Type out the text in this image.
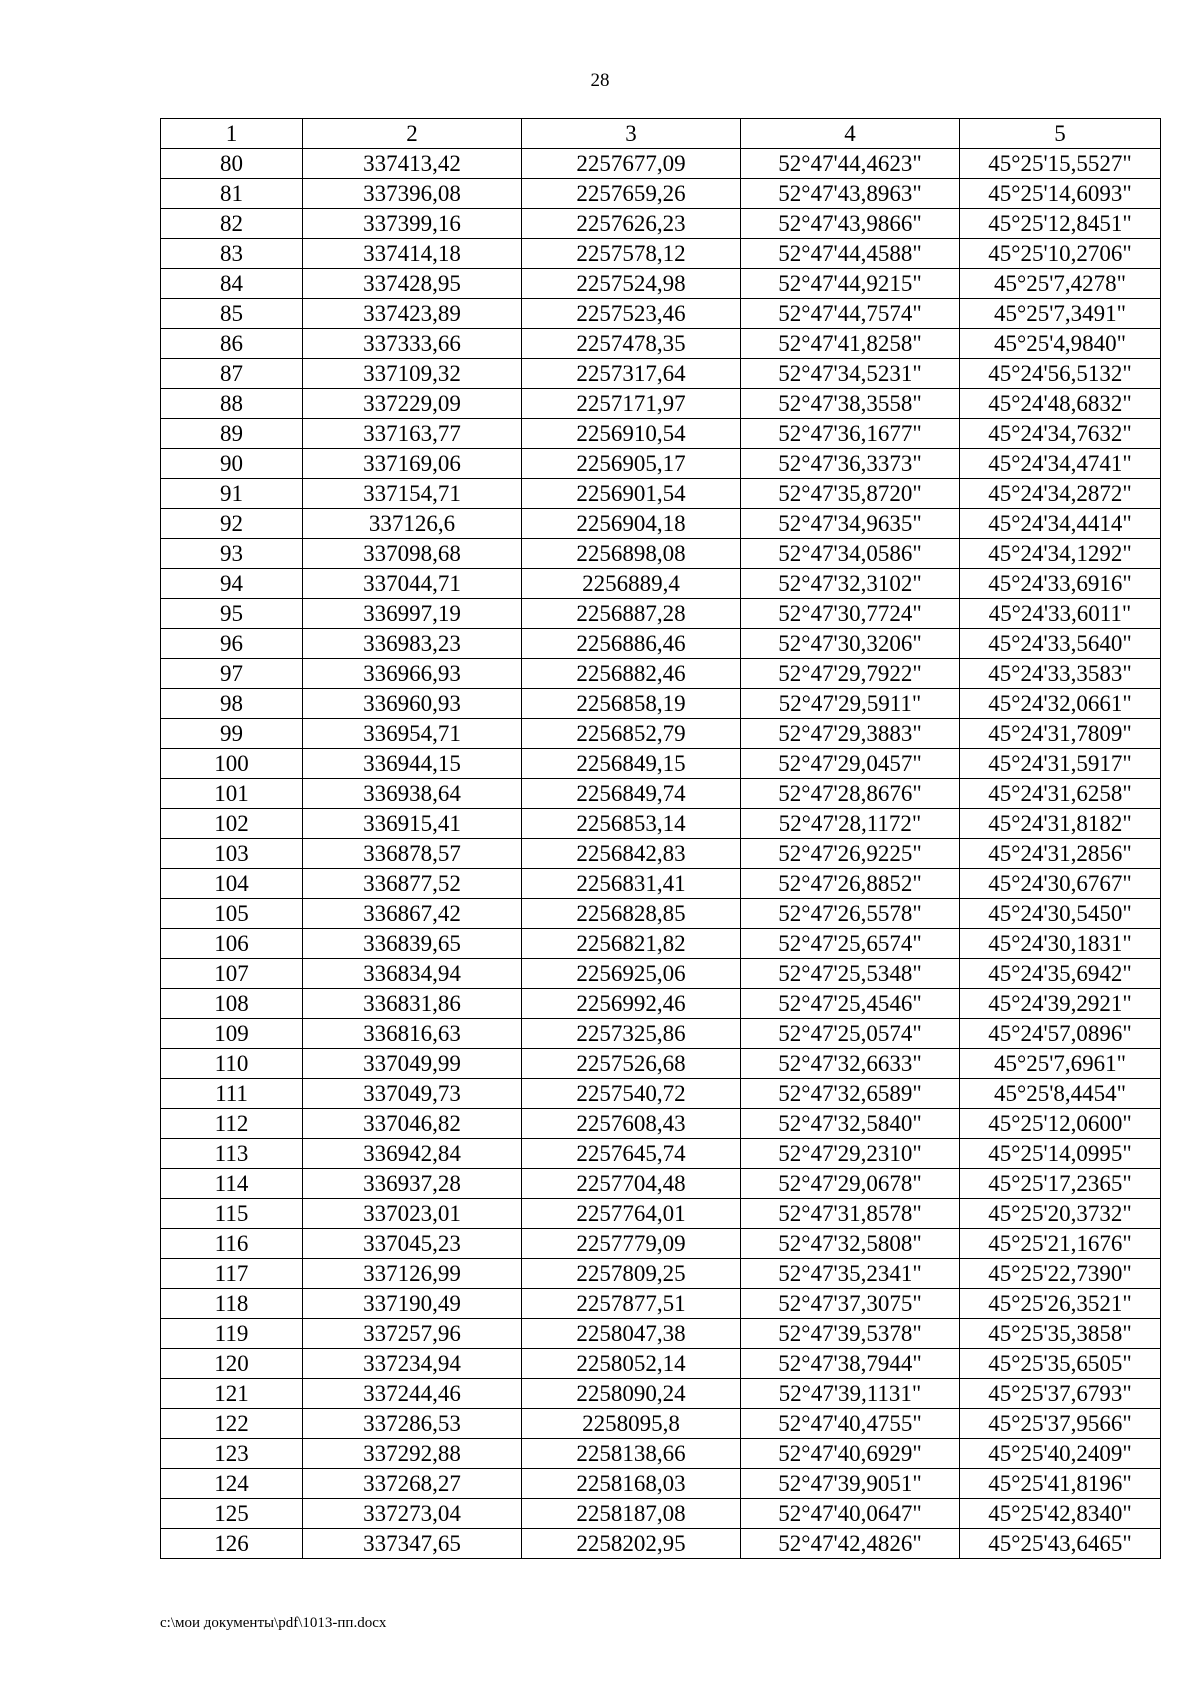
28
1	2	3	4	5
80	337413,42	2257677,09	52°47'44,4623"	45°25'15,5527"
81	337396,08	2257659,26	52°47'43,8963"	45°25'14,6093"
82	337399,16	2257626,23	52°47'43,9866"	45°25'12,8451"
83	337414,18	2257578,12	52°47'44,4588"	45°25'10,2706"
84	337428,95	2257524,98	52°47'44,9215"	45°25'7,4278"
85	337423,89	2257523,46	52°47'44,7574"	45°25'7,3491"
86	337333,66	2257478,35	52°47'41,8258"	45°25'4,9840"
87	337109,32	2257317,64	52°47'34,5231"	45°24'56,5132"
88	337229,09	2257171,97	52°47'38,3558"	45°24'48,6832"
89	337163,77	2256910,54	52°47'36,1677"	45°24'34,7632"
90	337169,06	2256905,17	52°47'36,3373"	45°24'34,4741"
91	337154,71	2256901,54	52°47'35,8720"	45°24'34,2872"
92	337126,6	2256904,18	52°47'34,9635"	45°24'34,4414"
93	337098,68	2256898,08	52°47'34,0586"	45°24'34,1292"
94	337044,71	2256889,4	52°47'32,3102"	45°24'33,6916"
95	336997,19	2256887,28	52°47'30,7724"	45°24'33,6011"
96	336983,23	2256886,46	52°47'30,3206"	45°24'33,5640"
97	336966,93	2256882,46	52°47'29,7922"	45°24'33,3583"
98	336960,93	2256858,19	52°47'29,5911"	45°24'32,0661"
99	336954,71	2256852,79	52°47'29,3883"	45°24'31,7809"
100	336944,15	2256849,15	52°47'29,0457"	45°24'31,5917"
101	336938,64	2256849,74	52°47'28,8676"	45°24'31,6258"
102	336915,41	2256853,14	52°47'28,1172"	45°24'31,8182"
103	336878,57	2256842,83	52°47'26,9225"	45°24'31,2856"
104	336877,52	2256831,41	52°47'26,8852"	45°24'30,6767"
105	336867,42	2256828,85	52°47'26,5578"	45°24'30,5450"
106	336839,65	2256821,82	52°47'25,6574"	45°24'30,1831"
107	336834,94	2256925,06	52°47'25,5348"	45°24'35,6942"
108	336831,86	2256992,46	52°47'25,4546"	45°24'39,2921"
109	336816,63	2257325,86	52°47'25,0574"	45°24'57,0896"
110	337049,99	2257526,68	52°47'32,6633"	45°25'7,6961"
111	337049,73	2257540,72	52°47'32,6589"	45°25'8,4454"
112	337046,82	2257608,43	52°47'32,5840"	45°25'12,0600"
113	336942,84	2257645,74	52°47'29,2310"	45°25'14,0995"
114	336937,28	2257704,48	52°47'29,0678"	45°25'17,2365"
115	337023,01	2257764,01	52°47'31,8578"	45°25'20,3732"
116	337045,23	2257779,09	52°47'32,5808"	45°25'21,1676"
117	337126,99	2257809,25	52°47'35,2341"	45°25'22,7390"
118	337190,49	2257877,51	52°47'37,3075"	45°25'26,3521"
119	337257,96	2258047,38	52°47'39,5378"	45°25'35,3858"
120	337234,94	2258052,14	52°47'38,7944"	45°25'35,6505"
121	337244,46	2258090,24	52°47'39,1131"	45°25'37,6793"
122	337286,53	2258095,8	52°47'40,4755"	45°25'37,9566"
123	337292,88	2258138,66	52°47'40,6929"	45°25'40,2409"
124	337268,27	2258168,03	52°47'39,9051"	45°25'41,8196"
125	337273,04	2258187,08	52°47'40,0647"	45°25'42,8340"
126	337347,65	2258202,95	52°47'42,4826"	45°25'43,6465"
c:\мои документы\pdf\1013-пп.docx
